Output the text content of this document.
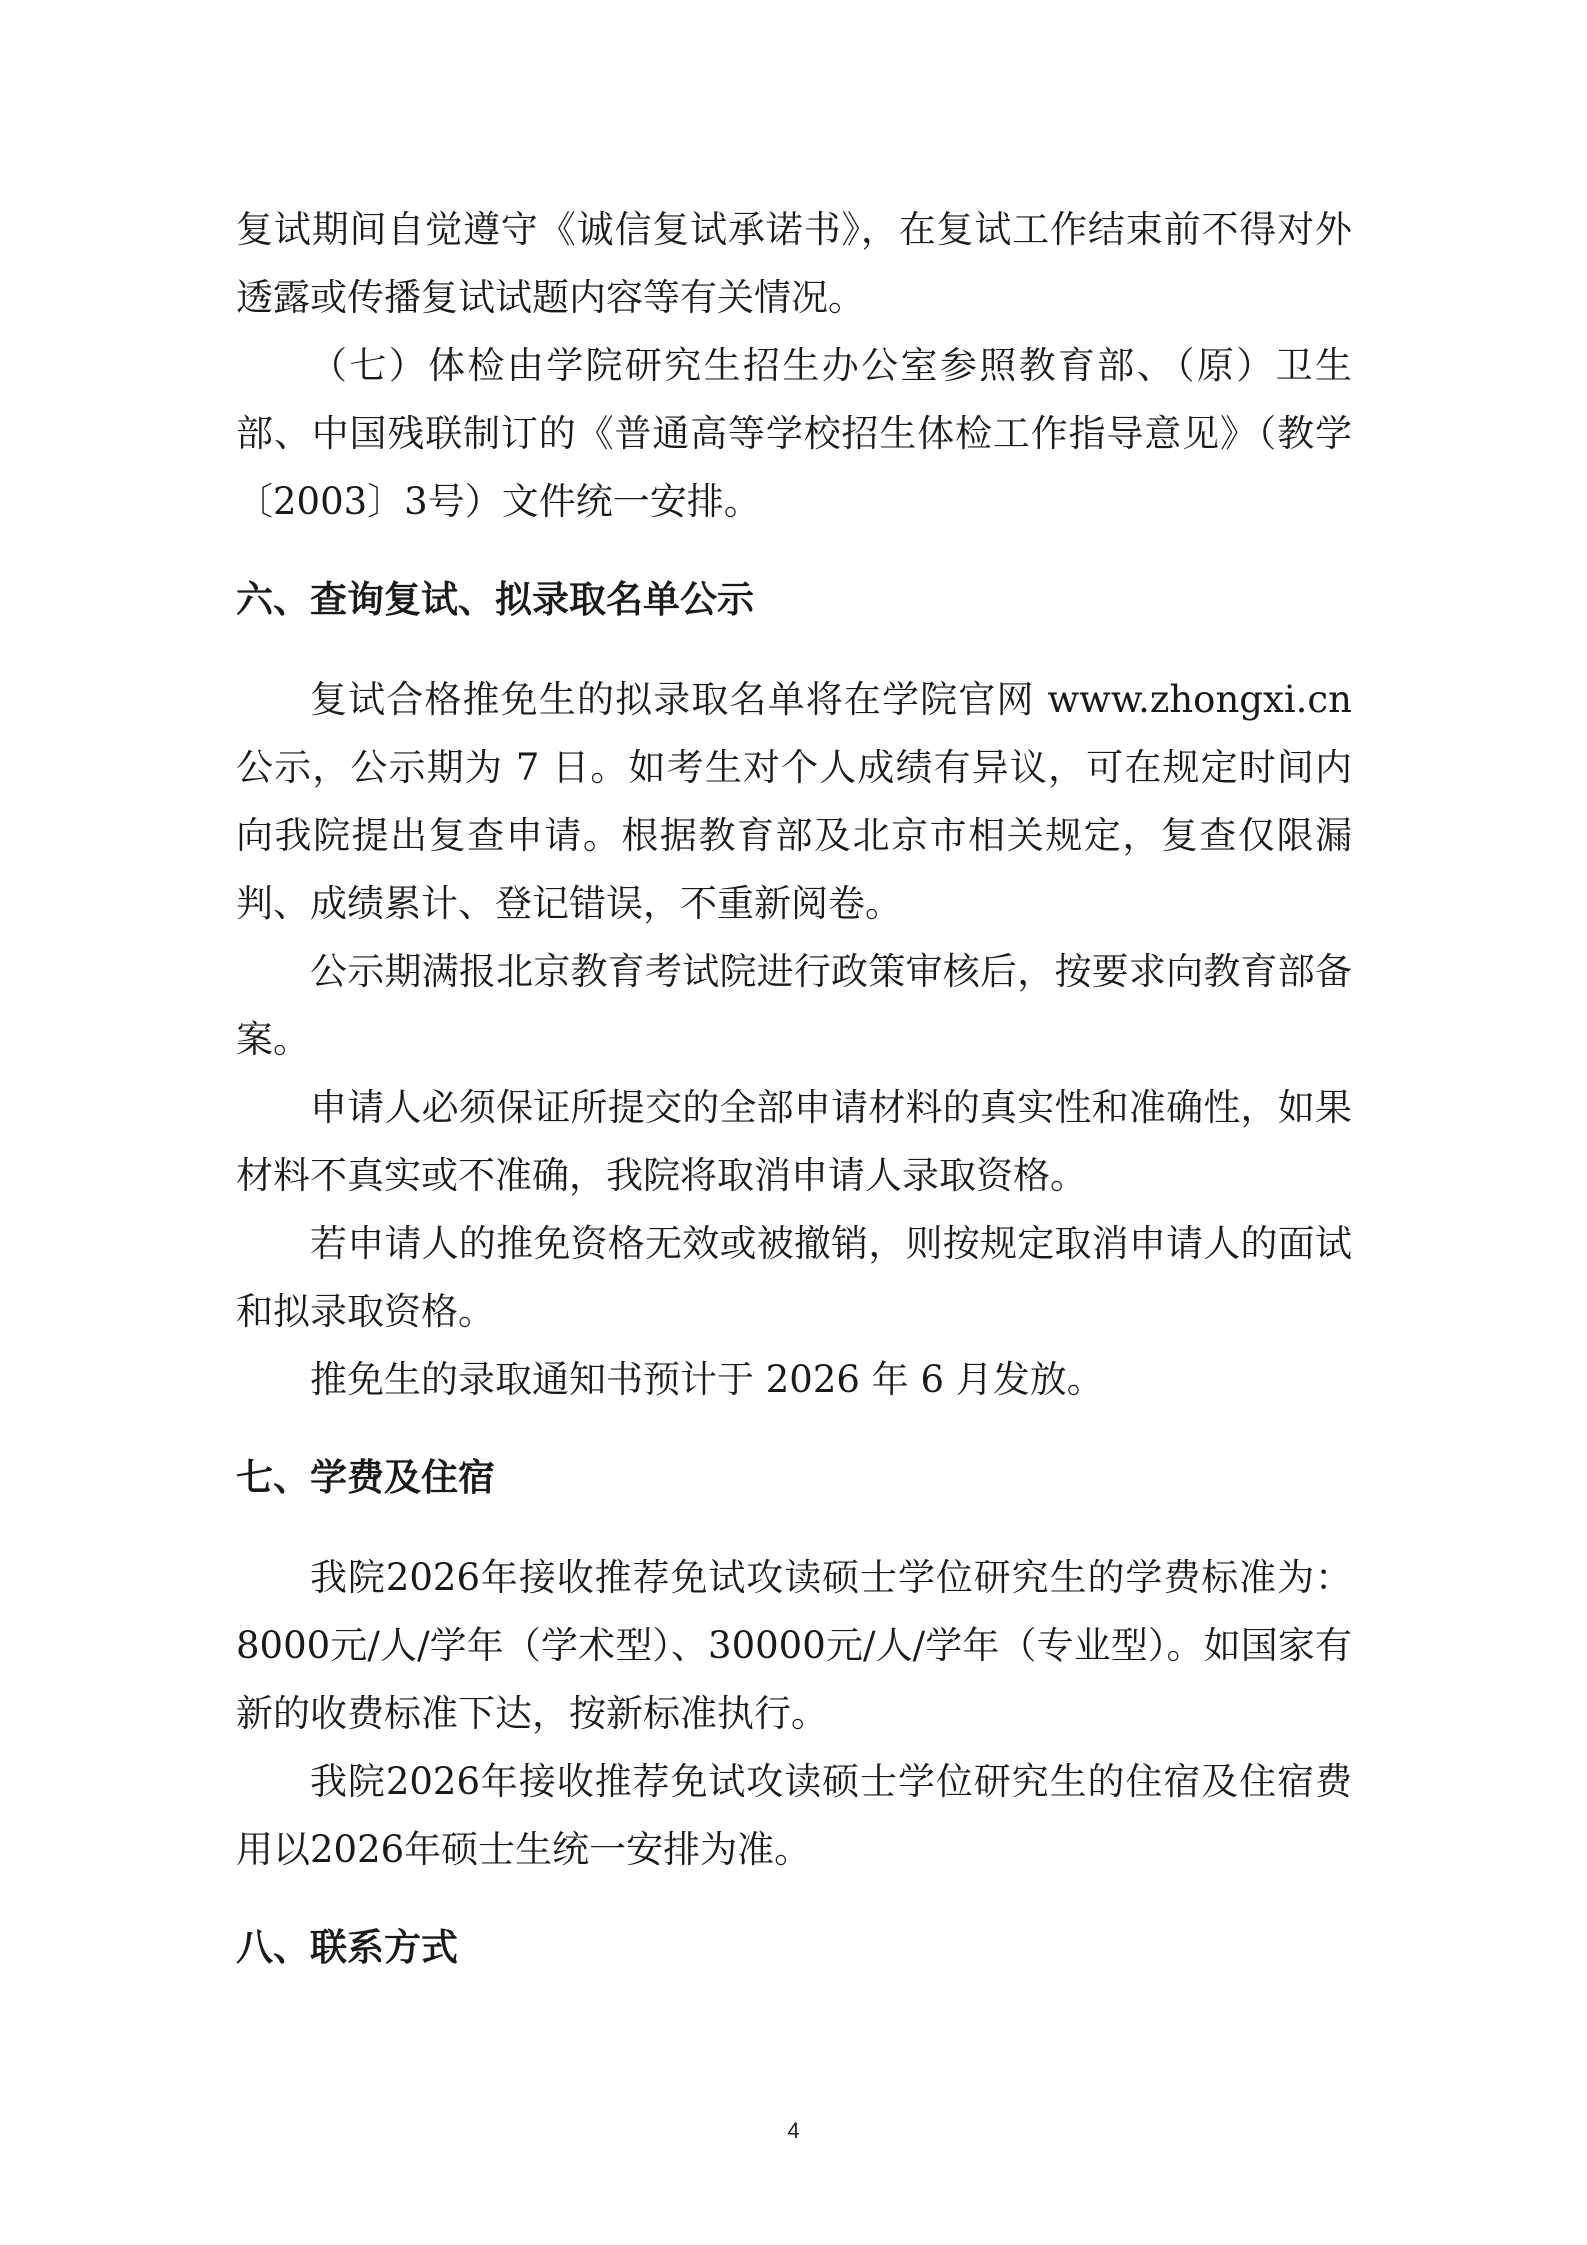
复试期间自觉遵守《诚信复试承诺书》，在复试工作结束前不得对外透露或传播复试试题内容等有关情况。

（七）体检由学院研究生招生办公室参照教育部、（原）卫生部、中国残联制订的《普通高等学校招生体检工作指导意见》（教学〔2003〕3号）文件统一安排。

六、查询复试、拟录取名单公示

复试合格推免生的拟录取名单将在学院官网 www.zhongxi.cn 公示，公示期为 7 日。如考生对个人成绩有异议，可在规定时间内向我院提出复查申请。根据教育部及北京市相关规定，复查仅限漏判、成绩累计、登记错误，不重新阅卷。

公示期满报北京教育考试院进行政策审核后，按要求向教育部备案。

申请人必须保证所提交的全部申请材料的真实性和准确性，如果材料不真实或不准确，我院将取消申请人录取资格。

若申请人的推免资格无效或被撤销，则按规定取消申请人的面试和拟录取资格。

推免生的录取通知书预计于 2026 年 6 月发放。

七、学费及住宿

我院2026年接收推荐免试攻读硕士学位研究生的学费标准为：8000元/人/学年（学术型）、30000元/人/学年（专业型）。如国家有新的收费标准下达，按新标准执行。

我院2026年接收推荐免试攻读硕士学位研究生的住宿及住宿费用以2026年硕士生统一安排为准。

八、联系方式
4
